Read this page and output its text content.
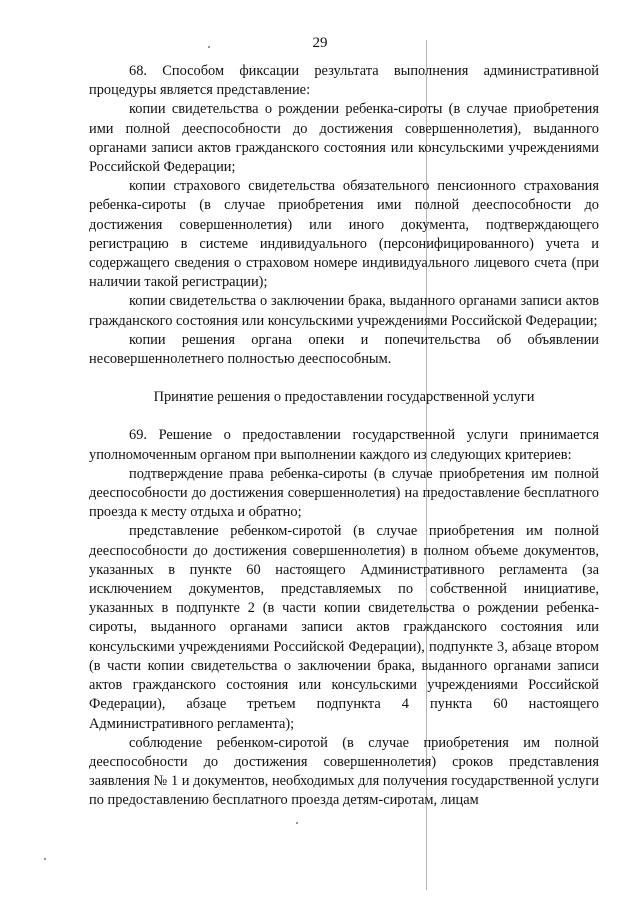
29

68. Способом фиксации результата выполнения административной процедуры является представление:

копии свидетельства о рождении ребенка-сироты (в случае приобретения ими полной дееспособности до достижения совершеннолетия), выданного органами записи актов гражданского состояния или консульскими учреждениями Российской Федерации;

копии страхового свидетельства обязательного пенсионного страхования ребенка-сироты (в случае приобретения ими полной дееспособности до достижения совершеннолетия) или иного документа, подтверждающего регистрацию в системе индивидуального (персонифицированного) учета и содержащего сведения о страховом номере индивидуального лицевого счета (при наличии такой регистрации);

копии свидетельства о заключении брака, выданного органами записи актов гражданского состояния или консульскими учреждениями Российской Федерации;

копии решения органа опеки и попечительства об объявлении несовершеннолетнего полностью дееспособным.

Принятие решения о предоставлении государственной услуги

69. Решение о предоставлении государственной услуги принимается уполномоченным органом при выполнении каждого из следующих критериев:

подтверждение права ребенка-сироты (в случае приобретения им полной дееспособности до достижения совершеннолетия) на предоставление бесплатного проезда к месту отдыха и обратно;

представление ребенком-сиротой (в случае приобретения им полной дееспособности до достижения совершеннолетия) в полном объеме документов, указанных в пункте 60 настоящего Административного регламента (за исключением документов, представляемых по собственной инициативе, указанных в подпункте 2 (в части копии свидетельства о рождении ребенка-сироты, выданного органами записи актов гражданского состояния или консульскими учреждениями Российской Федерации), подпункте 3, абзаце втором (в части копии свидетельства о заключении брака, выданного органами записи актов гражданского состояния или консульскими учреждениями Российской Федерации), абзаце третьем подпункта 4 пункта 60 настоящего Административного регламента);

соблюдение ребенком-сиротой (в случае приобретения им полной дееспособности до достижения совершеннолетия) сроков представления заявления № 1 и документов, необходимых для получения государственной услуги по предоставлению бесплатного проезда детям-сиротам, лицам
